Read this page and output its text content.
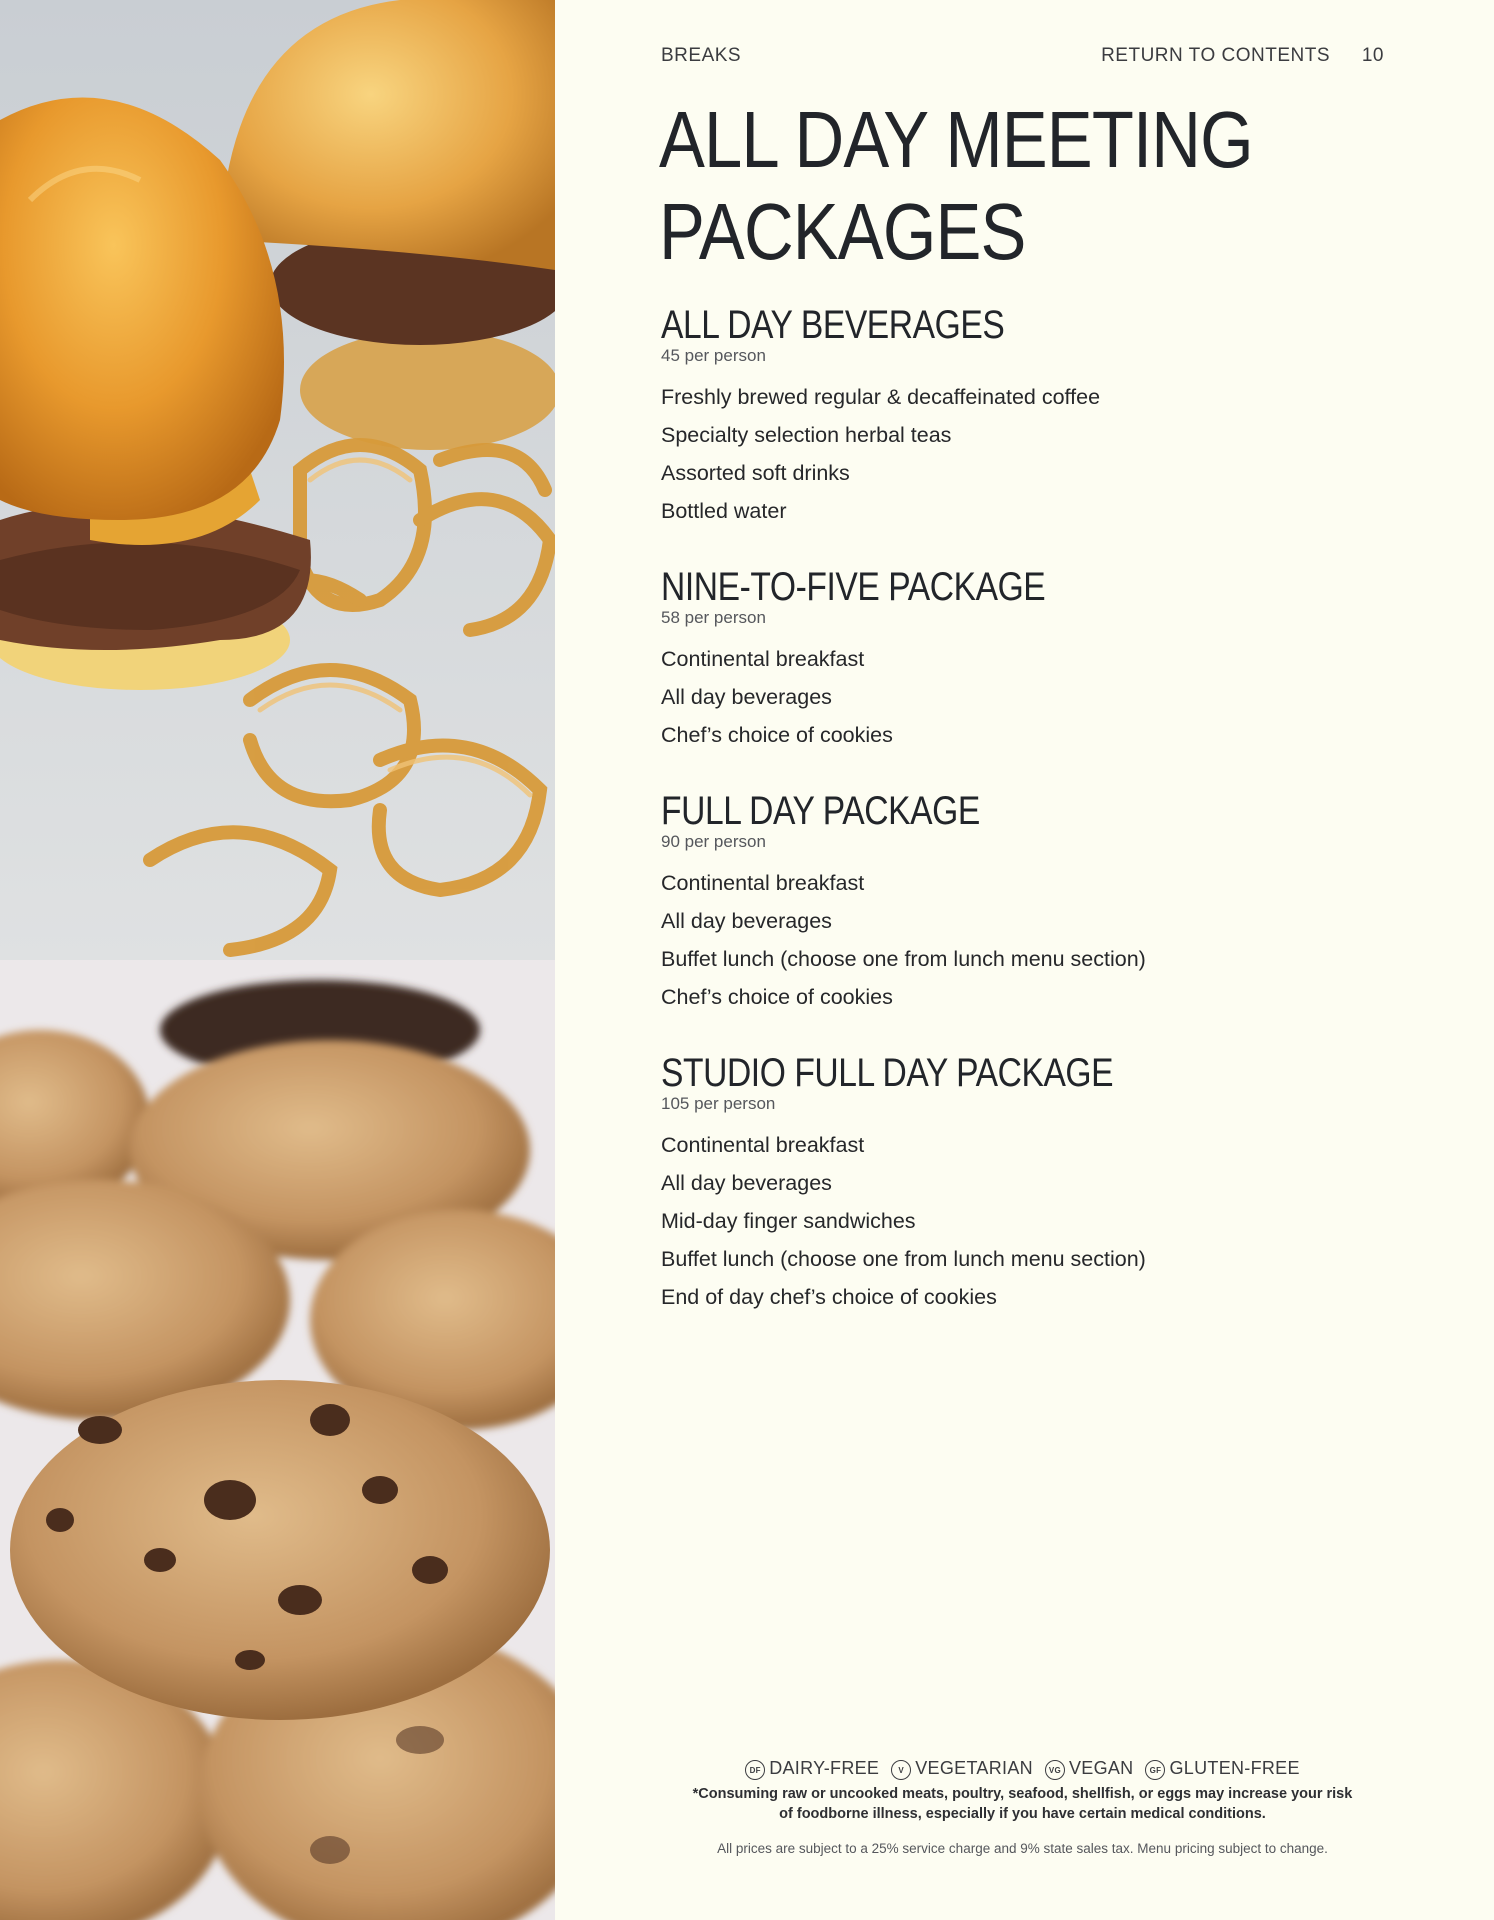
BREAKS	RETURN TO CONTENTS 10
ALL DAY MEETING
PACKAGES
ALL DAY BEVERAGES
45 per person
Freshly brewed regular & decaffeinated coffee
Specialty selection herbal teas
Assorted soft drinks
Bottled water
NINE-TO-FIVE PACKAGE
58 per person
Continental breakfast
All day beverages
Chef’s choice of cookies
FULL DAY PACKAGE
90 per person
Continental breakfast
All day beverages
Buffet lunch (choose one from lunch menu section)
Chef’s choice of cookies
STUDIO FULL DAY PACKAGE
105 per person
Continental breakfast
All day beverages
Mid-day finger sandwiches
Buffet lunch (choose one from lunch menu section)
End of day chef’s choice of cookies
DF DAIRY-FREE V VEGETARIAN VG VEGAN GF GLUTEN-FREE
*Consuming raw or uncooked meats, poultry, seafood, shellfish, or eggs may increase your risk
of foodborne illness, especially if you have certain medical conditions.
All prices are subject to a 25% service charge and 9% state sales tax. Menu pricing subject to change.
